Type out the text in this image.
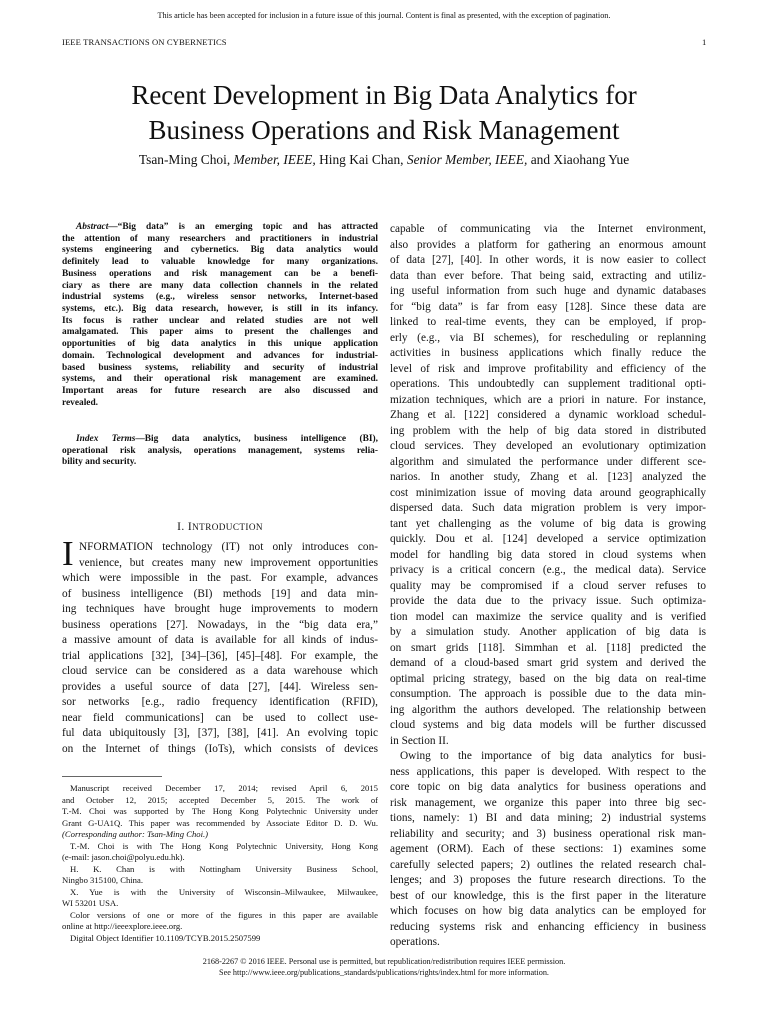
This article has been accepted for inclusion in a future issue of this journal. Content is final as presented, with the exception of pagination.
IEEE TRANSACTIONS ON CYBERNETICS	1
Recent Development in Big Data Analytics for
Business Operations and Risk Management
Tsan-Ming Choi, Member, IEEE, Hing Kai Chan, Senior Member, IEEE, and Xiaohang Yue
Abstract—“Big data” is an emerging topic and has attracted
the attention of many researchers and practitioners in industrial
systems engineering and cybernetics. Big data analytics would
definitely lead to valuable knowledge for many organizations.
Business operations and risk management can be a benefi-
ciary as there are many data collection channels in the related
industrial systems (e.g., wireless sensor networks, Internet-based
systems, etc.). Big data research, however, is still in its infancy.
Its focus is rather unclear and related studies are not well
amalgamated. This paper aims to present the challenges and
opportunities of big data analytics in this unique application
domain. Technological development and advances for industrial-
based business systems, reliability and security of industrial
systems, and their operational risk management are examined.
Important areas for future research are also discussed and
revealed.
Index Terms—Big data analytics, business intelligence (BI),
operational risk analysis, operations management, systems relia-
bility and security.
I. INTRODUCTION
I NFORMATION technology (IT) not only introduces con-
venience, but creates many new improvement opportunities
which were impossible in the past. For example, advances
of business intelligence (BI) methods [19] and data min-
ing techniques have brought huge improvements to modern
business operations [27]. Nowadays, in the “big data era,”
a massive amount of data is available for all kinds of indus-
trial applications [32], [34]–[36], [45]–[48]. For example, the
cloud service can be considered as a data warehouse which
provides a useful source of data [27], [44]. Wireless sen-
sor networks [e.g., radio frequency identification (RFID),
near field communications] can be used to collect use-
ful data ubiquitously [3], [37], [38], [41]. An evolving topic
on the Internet of things (IoTs), which consists of devices
Manuscript received December 17, 2014; revised April 6, 2015
and October 12, 2015; accepted December 5, 2015. The work of
T.-M. Choi was supported by The Hong Kong Polytechnic University under
Grant G-UA1Q. This paper was recommended by Associate Editor D. D. Wu.
(Corresponding author: Tsan-Ming Choi.)
T.-M. Choi is with The Hong Kong Polytechnic University, Hong Kong
(e-mail: jason.choi@polyu.edu.hk).
H. K. Chan is with Nottingham University Business School,
Ningbo 315100, China.
X. Yue is with the University of Wisconsin–Milwaukee, Milwaukee,
WI 53201 USA.
Color versions of one or more of the figures in this paper are available
online at http://ieeexplore.ieee.org.
Digital Object Identifier 10.1109/TCYB.2015.2507599
capable of communicating via the Internet environment,
also provides a platform for gathering an enormous amount
of data [27], [40]. In other words, it is now easier to collect
data than ever before. That being said, extracting and utiliz-
ing useful information from such huge and dynamic databases
for “big data” is far from easy [128]. Since these data are
linked to real-time events, they can be employed, if prop-
erly (e.g., via BI schemes), for rescheduling or replanning
activities in business applications which finally reduce the
level of risk and improve profitability and efficiency of the
operations. This undoubtedly can supplement traditional opti-
mization techniques, which are a priori in nature. For instance,
Zhang et al. [122] considered a dynamic workload schedul-
ing problem with the help of big data stored in distributed
cloud services. They developed an evolutionary optimization
algorithm and simulated the performance under different sce-
narios. In another study, Zhang et al. [123] analyzed the
cost minimization issue of moving data around geographically
dispersed data. Such data migration problem is very impor-
tant yet challenging as the volume of big data is growing
quickly. Dou et al. [124] developed a service optimization
model for handling big data stored in cloud systems when
privacy is a critical concern (e.g., the medical data). Service
quality may be compromised if a cloud server refuses to
provide the data due to the privacy issue. Such optimiza-
tion model can maximize the service quality and is verified
by a simulation study. Another application of big data is
on smart grids [118]. Simmhan et al. [118] predicted the
demand of a cloud-based smart grid system and derived the
optimal pricing strategy, based on the big data on real-time
consumption. The approach is possible due to the data min-
ing algorithm the authors developed. The relationship between
cloud systems and big data models will be further discussed
in Section II.
Owing to the importance of big data analytics for busi-
ness applications, this paper is developed. With respect to the
core topic on big data analytics for business operations and
risk management, we organize this paper into three big sec-
tions, namely: 1) BI and data mining; 2) industrial systems
reliability and security; and 3) business operational risk man-
agement (ORM). Each of these sections: 1) examines some
carefully selected papers; 2) outlines the related research chal-
lenges; and 3) proposes the future research directions. To the
best of our knowledge, this is the first paper in the literature
which focuses on how big data analytics can be employed for
reducing systems risk and enhancing efficiency in business
operations.
2168-2267 © 2016 IEEE. Personal use is permitted, but republication/redistribution requires IEEE permission.
See http://www.ieee.org/publications_standards/publications/rights/index.html for more information.
